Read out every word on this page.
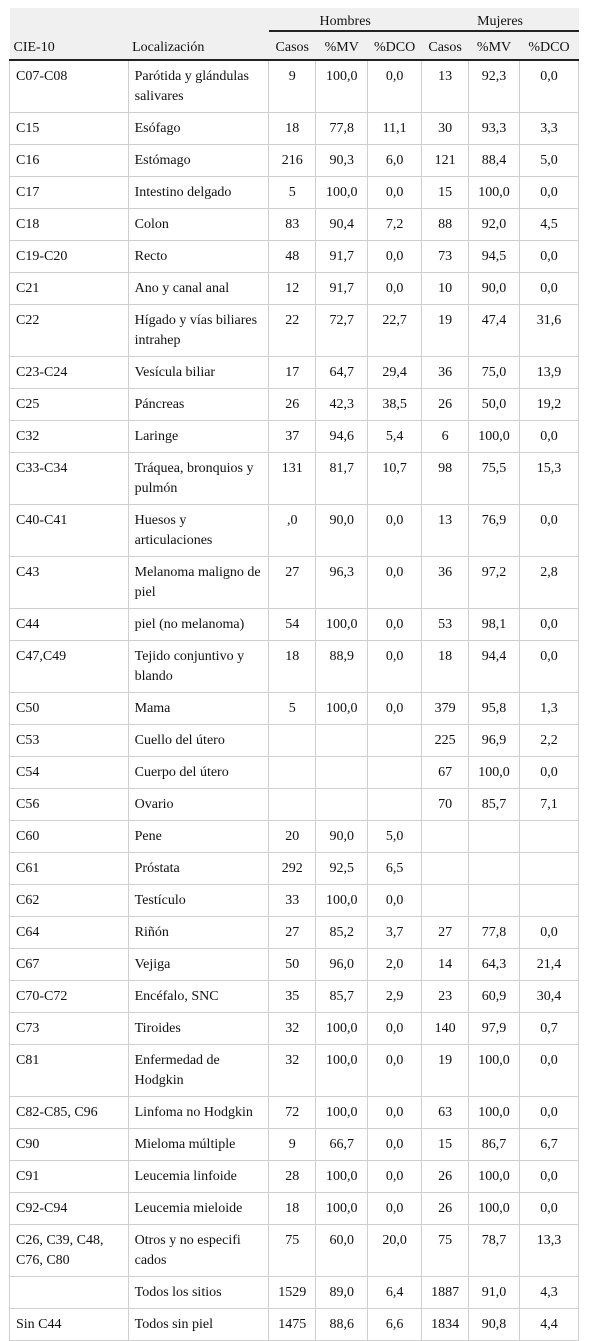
		Hombres			Mujeres		
CIE-10	Localización	Casos	%MV	%DCO	Casos	%MV	%DCO
C07-C08	Parótida y glándulas salivares	9	100,0	0,0	13	92,3	0,0
C15	Esófago	18	77,8	11,1	30	93,3	3,3
C16	Estómago	216	90,3	6,0	121	88,4	5,0
C17	Intestino delgado	5	100,0	0,0	15	100,0	0,0
C18	Colon	83	90,4	7,2	88	92,0	4,5
C19-C20	Recto	48	91,7	0,0	73	94,5	0,0
C21	Ano y canal anal	12	91,7	0,0	10	90,0	0,0
C22	Hígado y vías biliares intrahep	22	72,7	22,7	19	47,4	31,6
C23-C24	Vesícula biliar	17	64,7	29,4	36	75,0	13,9
C25	Páncreas	26	42,3	38,5	26	50,0	19,2
C32	Laringe	37	94,6	5,4	6	100,0	0,0
C33-C34	Tráquea, bronquios y pulmón	131	81,7	10,7	98	75,5	15,3
C40-C41	Huesos y articulaciones	,0	90,0	0,0	13	76,9	0,0
C43	Melanoma maligno de piel	27	96,3	0,0	36	97,2	2,8
C44	piel (no melanoma)	54	100,0	0,0	53	98,1	0,0
C47,C49	Tejido conjuntivo y blando	18	88,9	0,0	18	94,4	0,0
C50	Mama	5	100,0	0,0	379	95,8	1,3
C53	Cuello del útero				225	96,9	2,2
C54	Cuerpo del útero				67	100,0	0,0
C56	Ovario				70	85,7	7,1
C60	Pene	20	90,0	5,0			
C61	Próstata	292	92,5	6,5			
C62	Testículo	33	100,0	0,0			
C64	Riñón	27	85,2	3,7	27	77,8	0,0
C67	Vejiga	50	96,0	2,0	14	64,3	21,4
C70-C72	Encéfalo, SNC	35	85,7	2,9	23	60,9	30,4
C73	Tiroides	32	100,0	0,0	140	97,9	0,7
C81	Enfermedad de Hodgkin	32	100,0	0,0	19	100,0	0,0
C82-C85, C96	Linfoma no Hodgkin	72	100,0	0,0	63	100,0	0,0
C90	Mieloma múltiple	9	66,7	0,0	15	86,7	6,7
C91	Leucemia linfoide	28	100,0	0,0	26	100,0	0,0
C92-C94	Leucemia mieloide	18	100,0	0,0	26	100,0	0,0
C26, C39, C48, C76, C80	Otros y no especifi cados	75	60,0	20,0	75	78,7	13,3
	Todos los sitios	1529	89,0	6,4	1887	91,0	4,3
Sin C44	Todos sin piel	1475	88,6	6,6	1834	90,8	4,4
